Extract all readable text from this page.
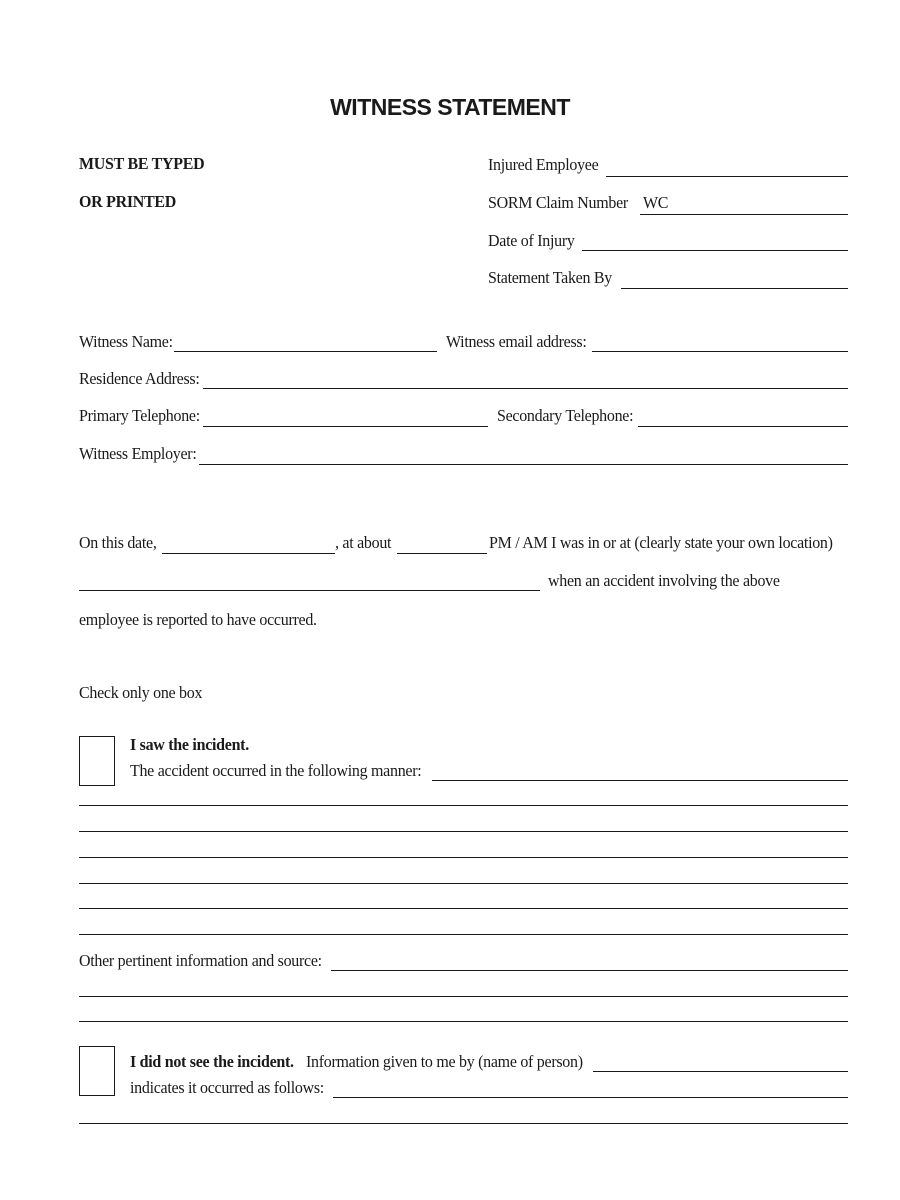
WITNESS STATEMENT
MUST BE TYPED
OR PRINTED
Injured Employee
SORM Claim Number WC
Date of Injury
Statement Taken By
Witness Name:	Witness email address:
Residence Address:
Primary Telephone:	Secondary Telephone:
Witness Employer:
On this date,	, at about	PM / AM I was in or at (clearly state your own location)
when an accident involving the above
employee is reported to have occurred.
Check only one box
I saw the incident.
The accident occurred in the following manner:
Other pertinent information and source:
I did not see the incident. Information given to me by (name of person)
indicates it occurred as follows:
